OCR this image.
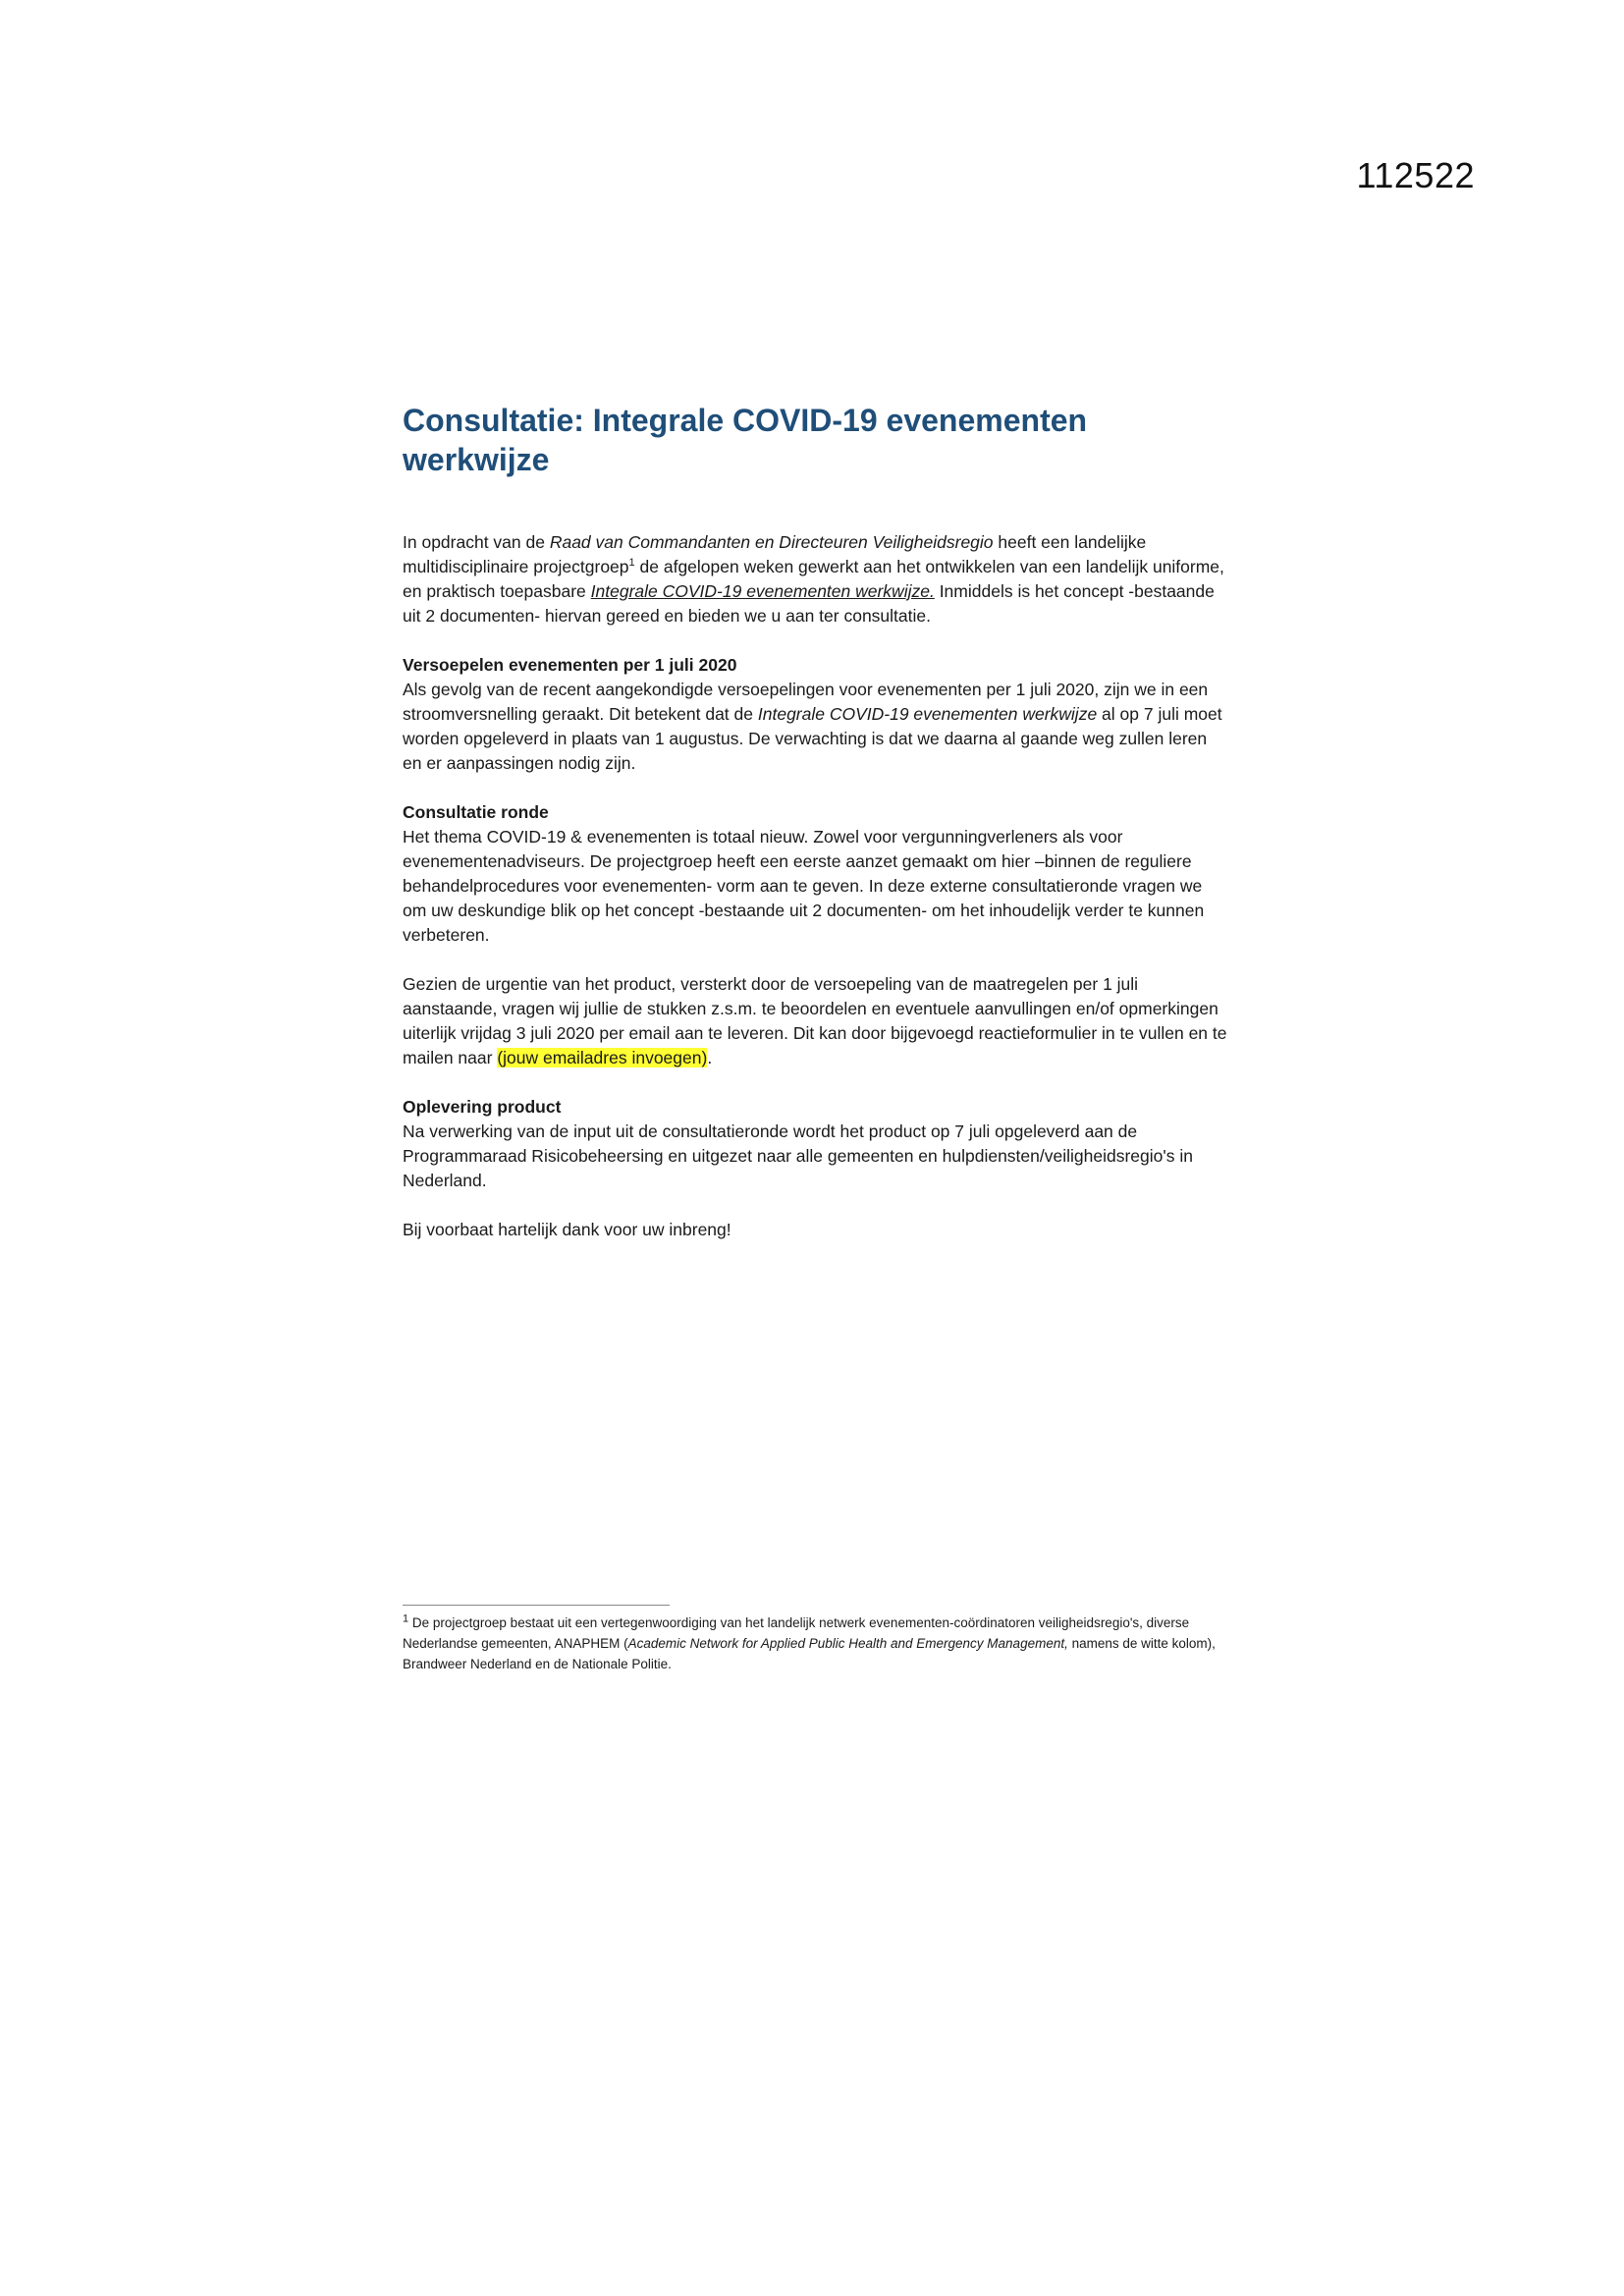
112522
Consultatie: Integrale COVID-19 evenementen werkwijze

In opdracht van de Raad van Commandanten en Directeuren Veiligheidsregio heeft een landelijke multidisciplinaire projectgroep$^1$ de afgelopen weken gewerkt aan het ontwikkelen van een landelijk uniforme, en praktisch toepasbare Integrale COVID-19 evenementen werkwijze. Inmiddels is het concept -bestaande uit 2 documenten- hiervan gereed en bieden we u aan ter consultatie.

Versoepelen evenementen per 1 juli 2020

Als gevolg van de recent aangekondigde versoepelingen voor evenementen per 1 juli 2020, zijn we in een stroomversnelling geraakt. Dit betekent dat de Integrale COVID-19 evenementen werkwijze al op 7 juli moet worden opgeleverd in plaats van 1 augustus. De verwachting is dat we daarna al gaande weg zullen leren en er aanpassingen nodig zijn.

Consultatie ronde

Het thema COVID-19 & evenementen is totaal nieuw. Zowel voor vergunningverleners als voor evenementenadviseurs. De projectgroep heeft een eerste aanzet gemaakt om hier –binnen de reguliere behandelprocedures voor evenementen- vorm aan te geven. In deze externe consultatieronde vragen we om uw deskundige blik op het concept -bestaande uit 2 documenten- om het inhoudelijk verder te kunnen verbeteren.

Gezien de urgentie van het product, versterkt door de versoepeling van de maatregelen per 1 juli aanstaande, vragen wij jullie de stukken z.s.m. te beoordelen en eventuele aanvullingen en/of opmerkingen uiterlijk vrijdag 3 juli 2020 per email aan te leveren. Dit kan door bijgevoegd reactieformulier in te vullen en te mailen naar (jouw emailadres invoegen).

Oplevering product

Na verwerking van de input uit de consultatieronde wordt het product op 7 juli opgeleverd aan de Programmaraad Risicobeheersing en uitgezet naar alle gemeenten en hulpdiensten/veiligheidsregio's in Nederland.

Bij voorbaat hartelijk dank voor uw inbreng!

$^1$ De projectgroep bestaat uit een vertegenwoordiging van het landelijk netwerk evenementen-coördinatoren veiligheidsregio's, diverse Nederlandse gemeenten, ANAPHEM (Academic Network for Applied Public Health and Emergency Management, namens de witte kolom), Brandweer Nederland en de Nationale Politie.
